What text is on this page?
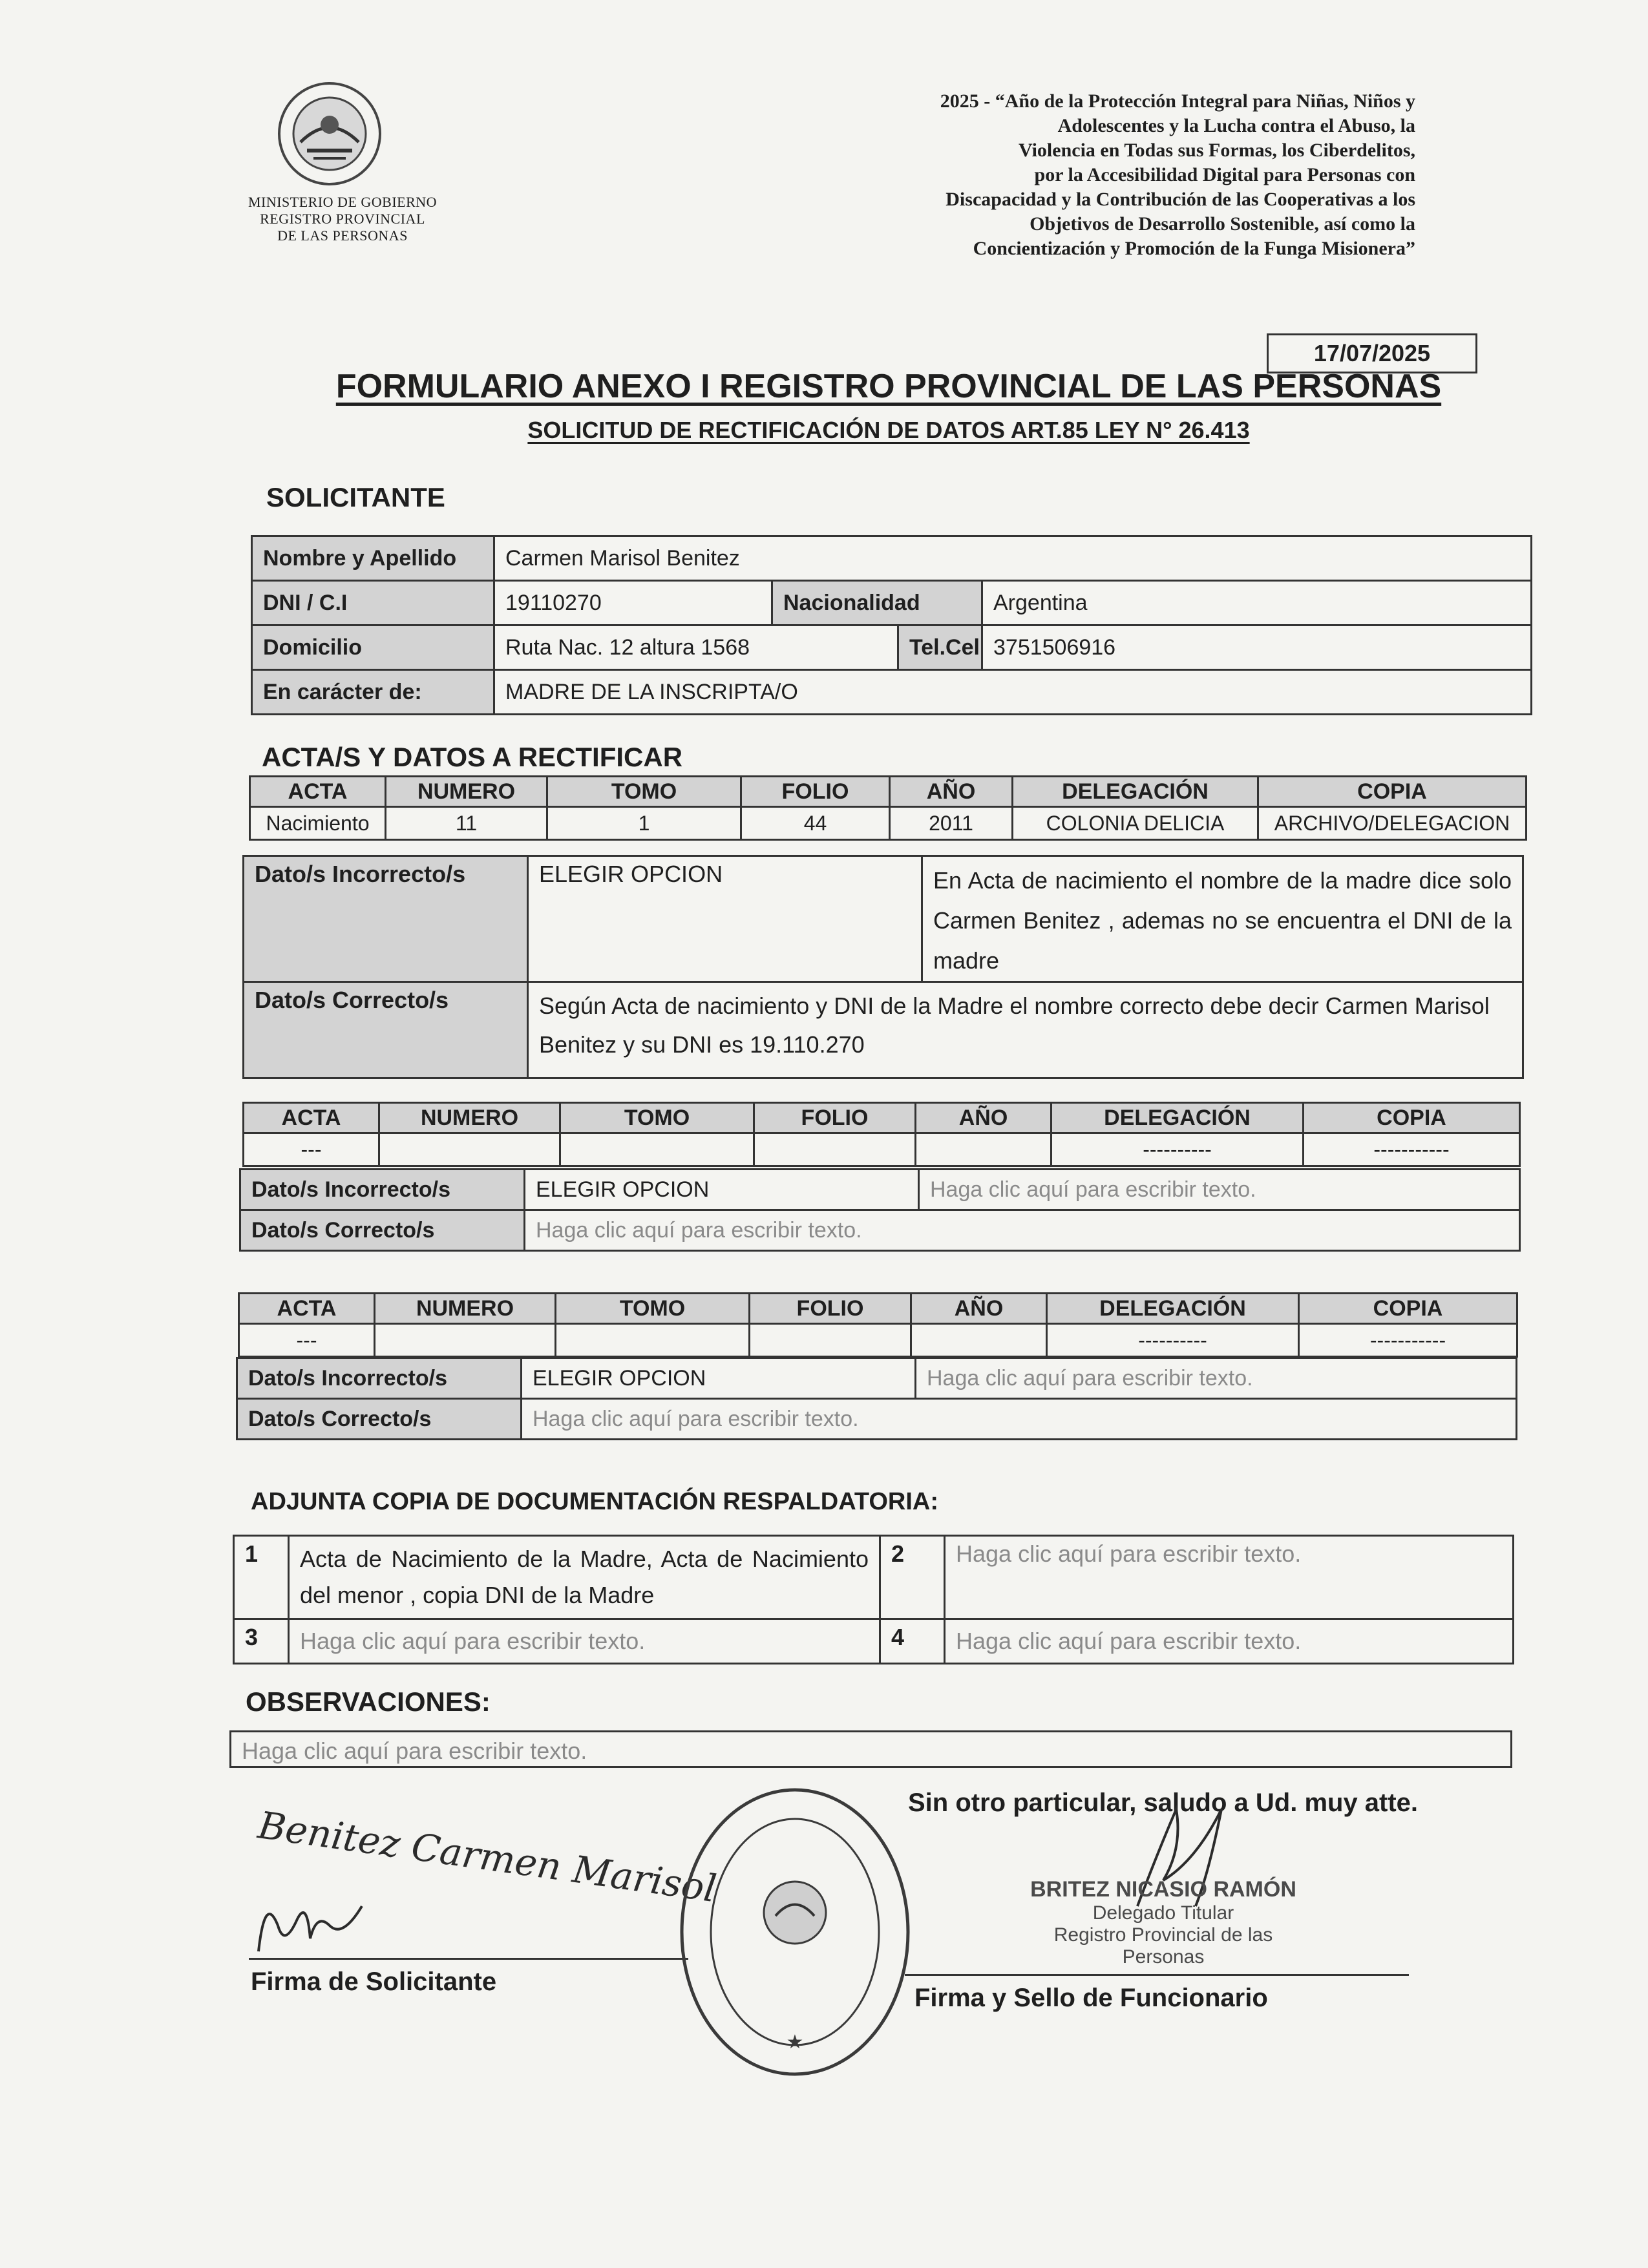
MINISTERIO DE GOBIERNO
REGISTRO PROVINCIAL
DE LAS PERSONAS
2025 - “Año de la Protección Integral para Niñas, Niños y
Adolescentes y la Lucha contra el Abuso, la
Violencia en Todas sus Formas, los Ciberdelitos,
por la Accesibilidad Digital para Personas con
Discapacidad y la Contribución de las Cooperativas a los
Objetivos de Desarrollo Sostenible, así como la
Concientización y Promoción de la Funga Misionera”
17/07/2025
FORMULARIO ANEXO I REGISTRO PROVINCIAL DE LAS PERSONAS
SOLICITUD DE RECTIFICACIÓN DE DATOS ART.85 LEY N° 26.413
SOLICITANTE
Nombre y Apellido	Carmen Marisol Benitez			
DNI / C.I	19110270	Nacionalidad		Argentina
Domicilio	Ruta Nac. 12 altura 1568		Tel.Cel	3751506916
En carácter de:	MADRE DE LA INSCRIPTA/O			
ACTA/S Y DATOS A RECTIFICAR
ACTA	NUMERO	TOMO	FOLIO	AÑO	DELEGACIÓN	COPIA
Nacimiento	11	1	44	2011	COLONIA DELICIA	ARCHIVO/DELEGACION
Dato/s Incorrecto/s	ELEGIR OPCION	En Acta de nacimiento el nombre de la madre dice solo Carmen Benitez , ademas no se encuentra el DNI de la madre
Dato/s Correcto/s	Según Acta de nacimiento y DNI de la Madre el nombre correcto debe decir Carmen Marisol Benitez y su DNI es 19.110.270	
ACTA	NUMERO	TOMO	FOLIO	AÑO	DELEGACIÓN	COPIA
---					----------	-----------
Dato/s Incorrecto/s	ELEGIR OPCION	Haga clic aquí para escribir texto.
Dato/s Correcto/s	Haga clic aquí para escribir texto.	
ACTA	NUMERO	TOMO	FOLIO	AÑO	DELEGACIÓN	COPIA
---					----------	-----------
Dato/s Incorrecto/s	ELEGIR OPCION	Haga clic aquí para escribir texto.
Dato/s Correcto/s	Haga clic aquí para escribir texto.	
ADJUNTA COPIA DE DOCUMENTACIÓN RESPALDATORIA:
1	Acta de Nacimiento de la Madre, Acta de Nacimiento del menor , copia DNI de la Madre	2	Haga clic aquí para escribir texto.
3	Haga clic aquí para escribir texto.	4	Haga clic aquí para escribir texto.
OBSERVACIONES:
Haga clic aquí para escribir texto.
Sin otro particular, saludo a Ud. muy atte.
Benitez Carmen Marisol
Firma de Solicitante
★
BRITEZ NICASIO RAMÓN
Delegado Titular
Registro Provincial de las
Personas
Firma y Sello de Funcionario
